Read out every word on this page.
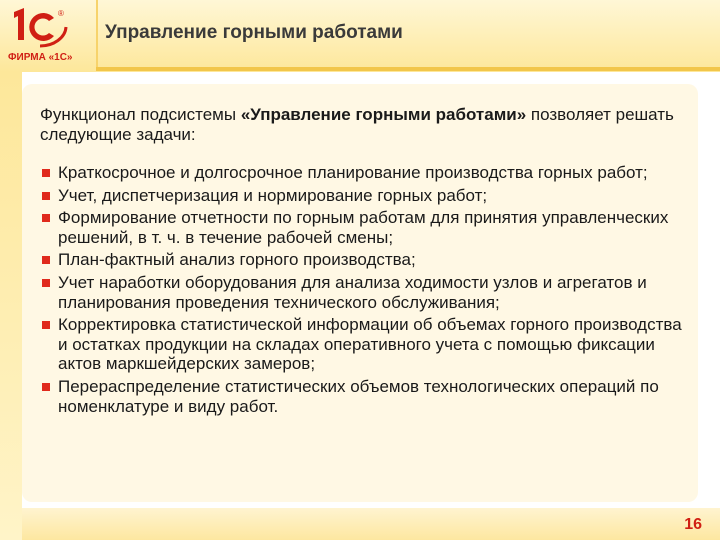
®
ФИРМА «1С»
Управление горными работами
Функционал подсистемы «Управление горными работами» позволяет решать следующие задачи:
Краткосрочное и долгосрочное планирование производства горных работ;
Учет, диспетчеризация и нормирование горных работ;
Формирование отчетности по горным работам для принятия управленческих решений, в т. ч. в течение рабочей смены;
План-фактный анализ горного производства;
Учет наработки оборудования для анализа ходимости узлов и агрегатов и планирования проведения технического обслуживания;
Корректировка статистической информации об объемах горного производства и остатках продукции на складах оперативного учета с помощью фиксации актов маркшейдерских замеров;
Перераспределение статистических объемов технологических операций по номенклатуре и виду работ.
16
